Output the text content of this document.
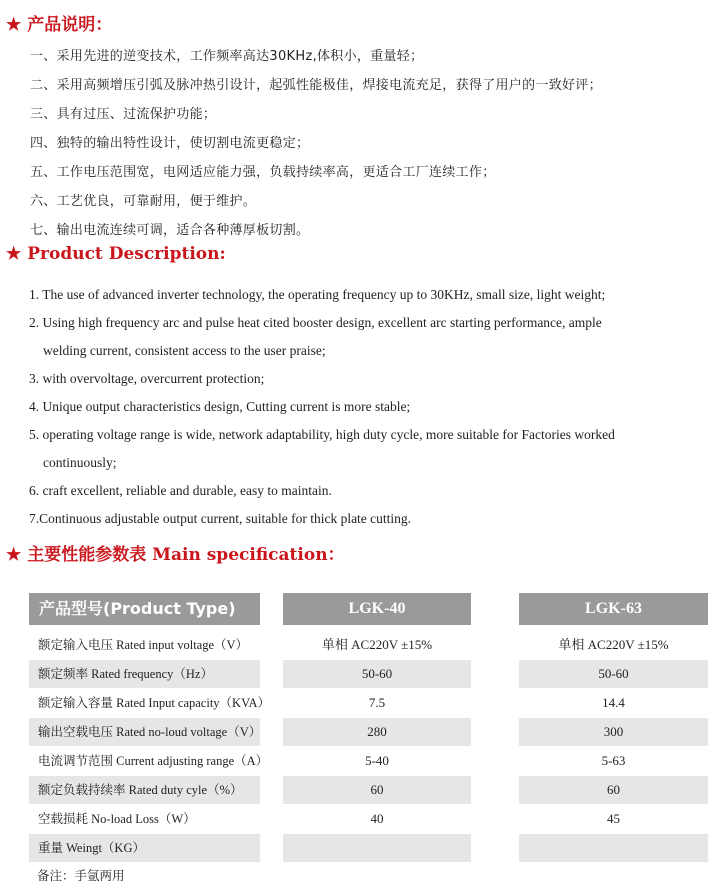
★ 产品说明：
一、采用先进的逆变技术，工作频率高达30KHz,体积小，重量轻；
二、采用高频增压引弧及脉冲热引设计，起弧性能极佳，焊接电流充足，获得了用户的一致好评；
三、具有过压、过流保护功能；
四、独特的输出特性设计，使切割电流更稳定；
五、工作电压范围宽，电网适应能力强，负载持续率高，更适合工厂连续工作；
六、工艺优良，可靠耐用，便于维护。
七、输出电流连续可调，适合各种薄厚板切割。
★ Product Description:
1. The use of advanced inverter technology, the operating frequency up to 30KHz, small size, light weight;
2. Using high frequency arc and pulse heat cited booster design, excellent arc starting performance, ample
welding current, consistent access to the user praise;
3. with overvoltage, overcurrent protection;
4. Unique output characteristics design, Cutting current is more stable;
5. operating voltage range is wide, network adaptability, high duty cycle, more suitable for Factories worked
continuously;
6. craft excellent, reliable and durable, easy to maintain.
7.Continuous adjustable output current, suitable for thick plate cutting.
★ 主要性能参数表 Main specification：
产品型号(Product Type)	LGK-40	LGK-63
额定输入电压 Rated input voltage（V）	单相 AC220V ±15%	单相 AC220V ±15%
额定频率 Rated frequency（Hz）	50-60	50-60
额定输入容量 Rated Input capacity（KVA）	7.5	14.4
输出空载电压 Rated no-loud voltage（V）	280	300
电流调节范围 Current adjusting range（A）	5-40	5-63
额定负载持续率 Rated duty cyle（%）	60	60
空载损耗 No-load Loss（W）	40	45
重量 Weingt（KG）
备注：手氩两用
